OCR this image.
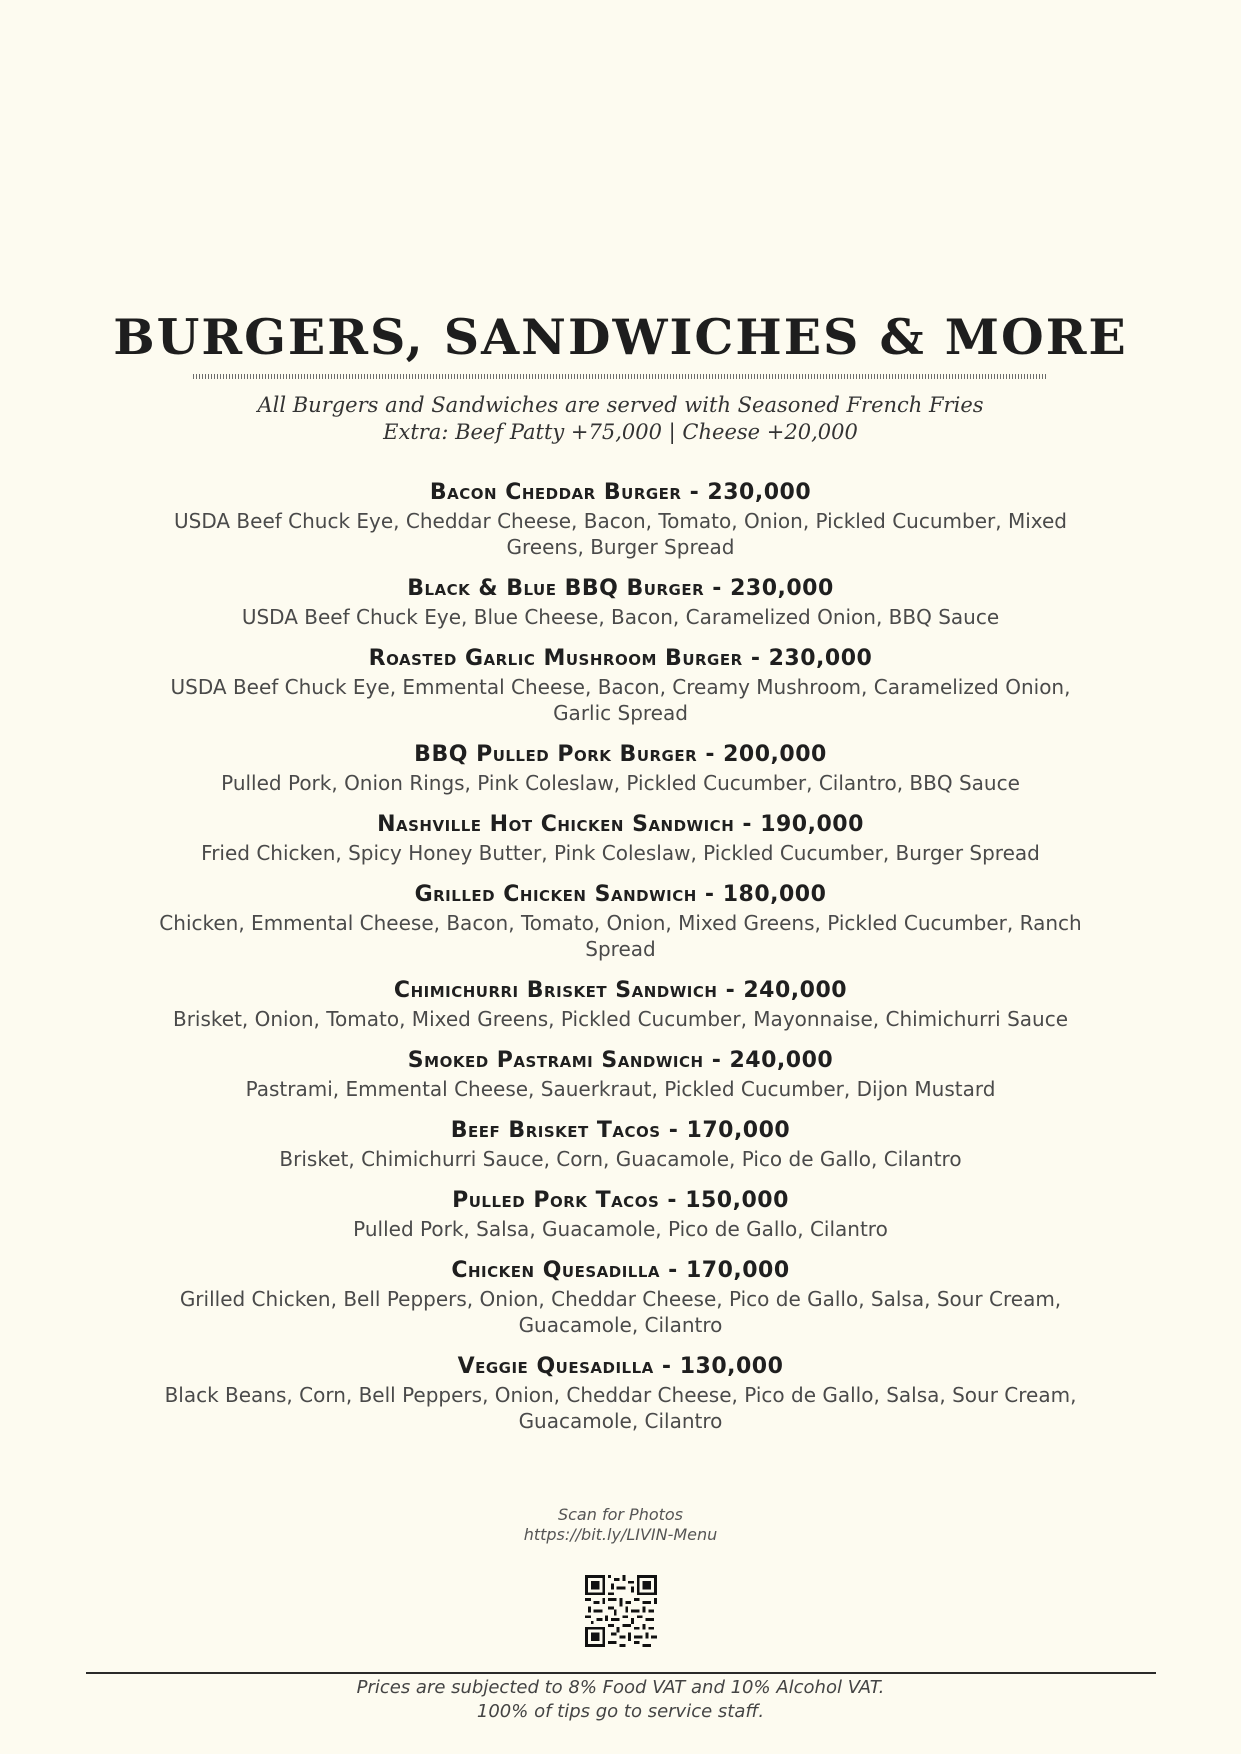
BURGERS, SANDWICHES & MORE
All Burgers and Sandwiches are served with Seasoned French Fries
Extra: Beef Patty +75,000 | Cheese +20,000
Bacon Cheddar Burger - 230,000
USDA Beef Chuck Eye, Cheddar Cheese, Bacon, Tomato, Onion, Pickled Cucumber, Mixed Greens, Burger Spread
Black & Blue BBQ Burger - 230,000
USDA Beef Chuck Eye, Blue Cheese, Bacon, Caramelized Onion, BBQ Sauce
Roasted Garlic Mushroom Burger - 230,000
USDA Beef Chuck Eye, Emmental Cheese, Bacon, Creamy Mushroom, Caramelized Onion, Garlic Spread
BBQ Pulled Pork Burger - 200,000
Pulled Pork, Onion Rings, Pink Coleslaw, Pickled Cucumber, Cilantro, BBQ Sauce
Nashville Hot Chicken Sandwich - 190,000
Fried Chicken, Spicy Honey Butter, Pink Coleslaw, Pickled Cucumber, Burger Spread
Grilled Chicken Sandwich - 180,000
Chicken, Emmental Cheese, Bacon, Tomato, Onion, Mixed Greens, Pickled Cucumber, Ranch Spread
Chimichurri Brisket Sandwich - 240,000
Brisket, Onion, Tomato, Mixed Greens, Pickled Cucumber, Mayonnaise, Chimichurri Sauce
Smoked Pastrami Sandwich - 240,000
Pastrami, Emmental Cheese, Sauerkraut, Pickled Cucumber, Dijon Mustard
Beef Brisket Tacos - 170,000
Brisket, Chimichurri Sauce, Corn, Guacamole, Pico de Gallo, Cilantro
Pulled Pork Tacos - 150,000
Pulled Pork, Salsa, Guacamole, Pico de Gallo, Cilantro
Chicken Quesadilla - 170,000
Grilled Chicken, Bell Peppers, Onion, Cheddar Cheese, Pico de Gallo, Salsa, Sour Cream, Guacamole, Cilantro
Veggie Quesadilla - 130,000
Black Beans, Corn, Bell Peppers, Onion, Cheddar Cheese, Pico de Gallo, Salsa, Sour Cream, Guacamole, Cilantro
Scan for Photos
https://bit.ly/LIVIN-Menu
Prices are subjected to 8% Food VAT and 10% Alcohol VAT.
100% of tips go to service staff.
